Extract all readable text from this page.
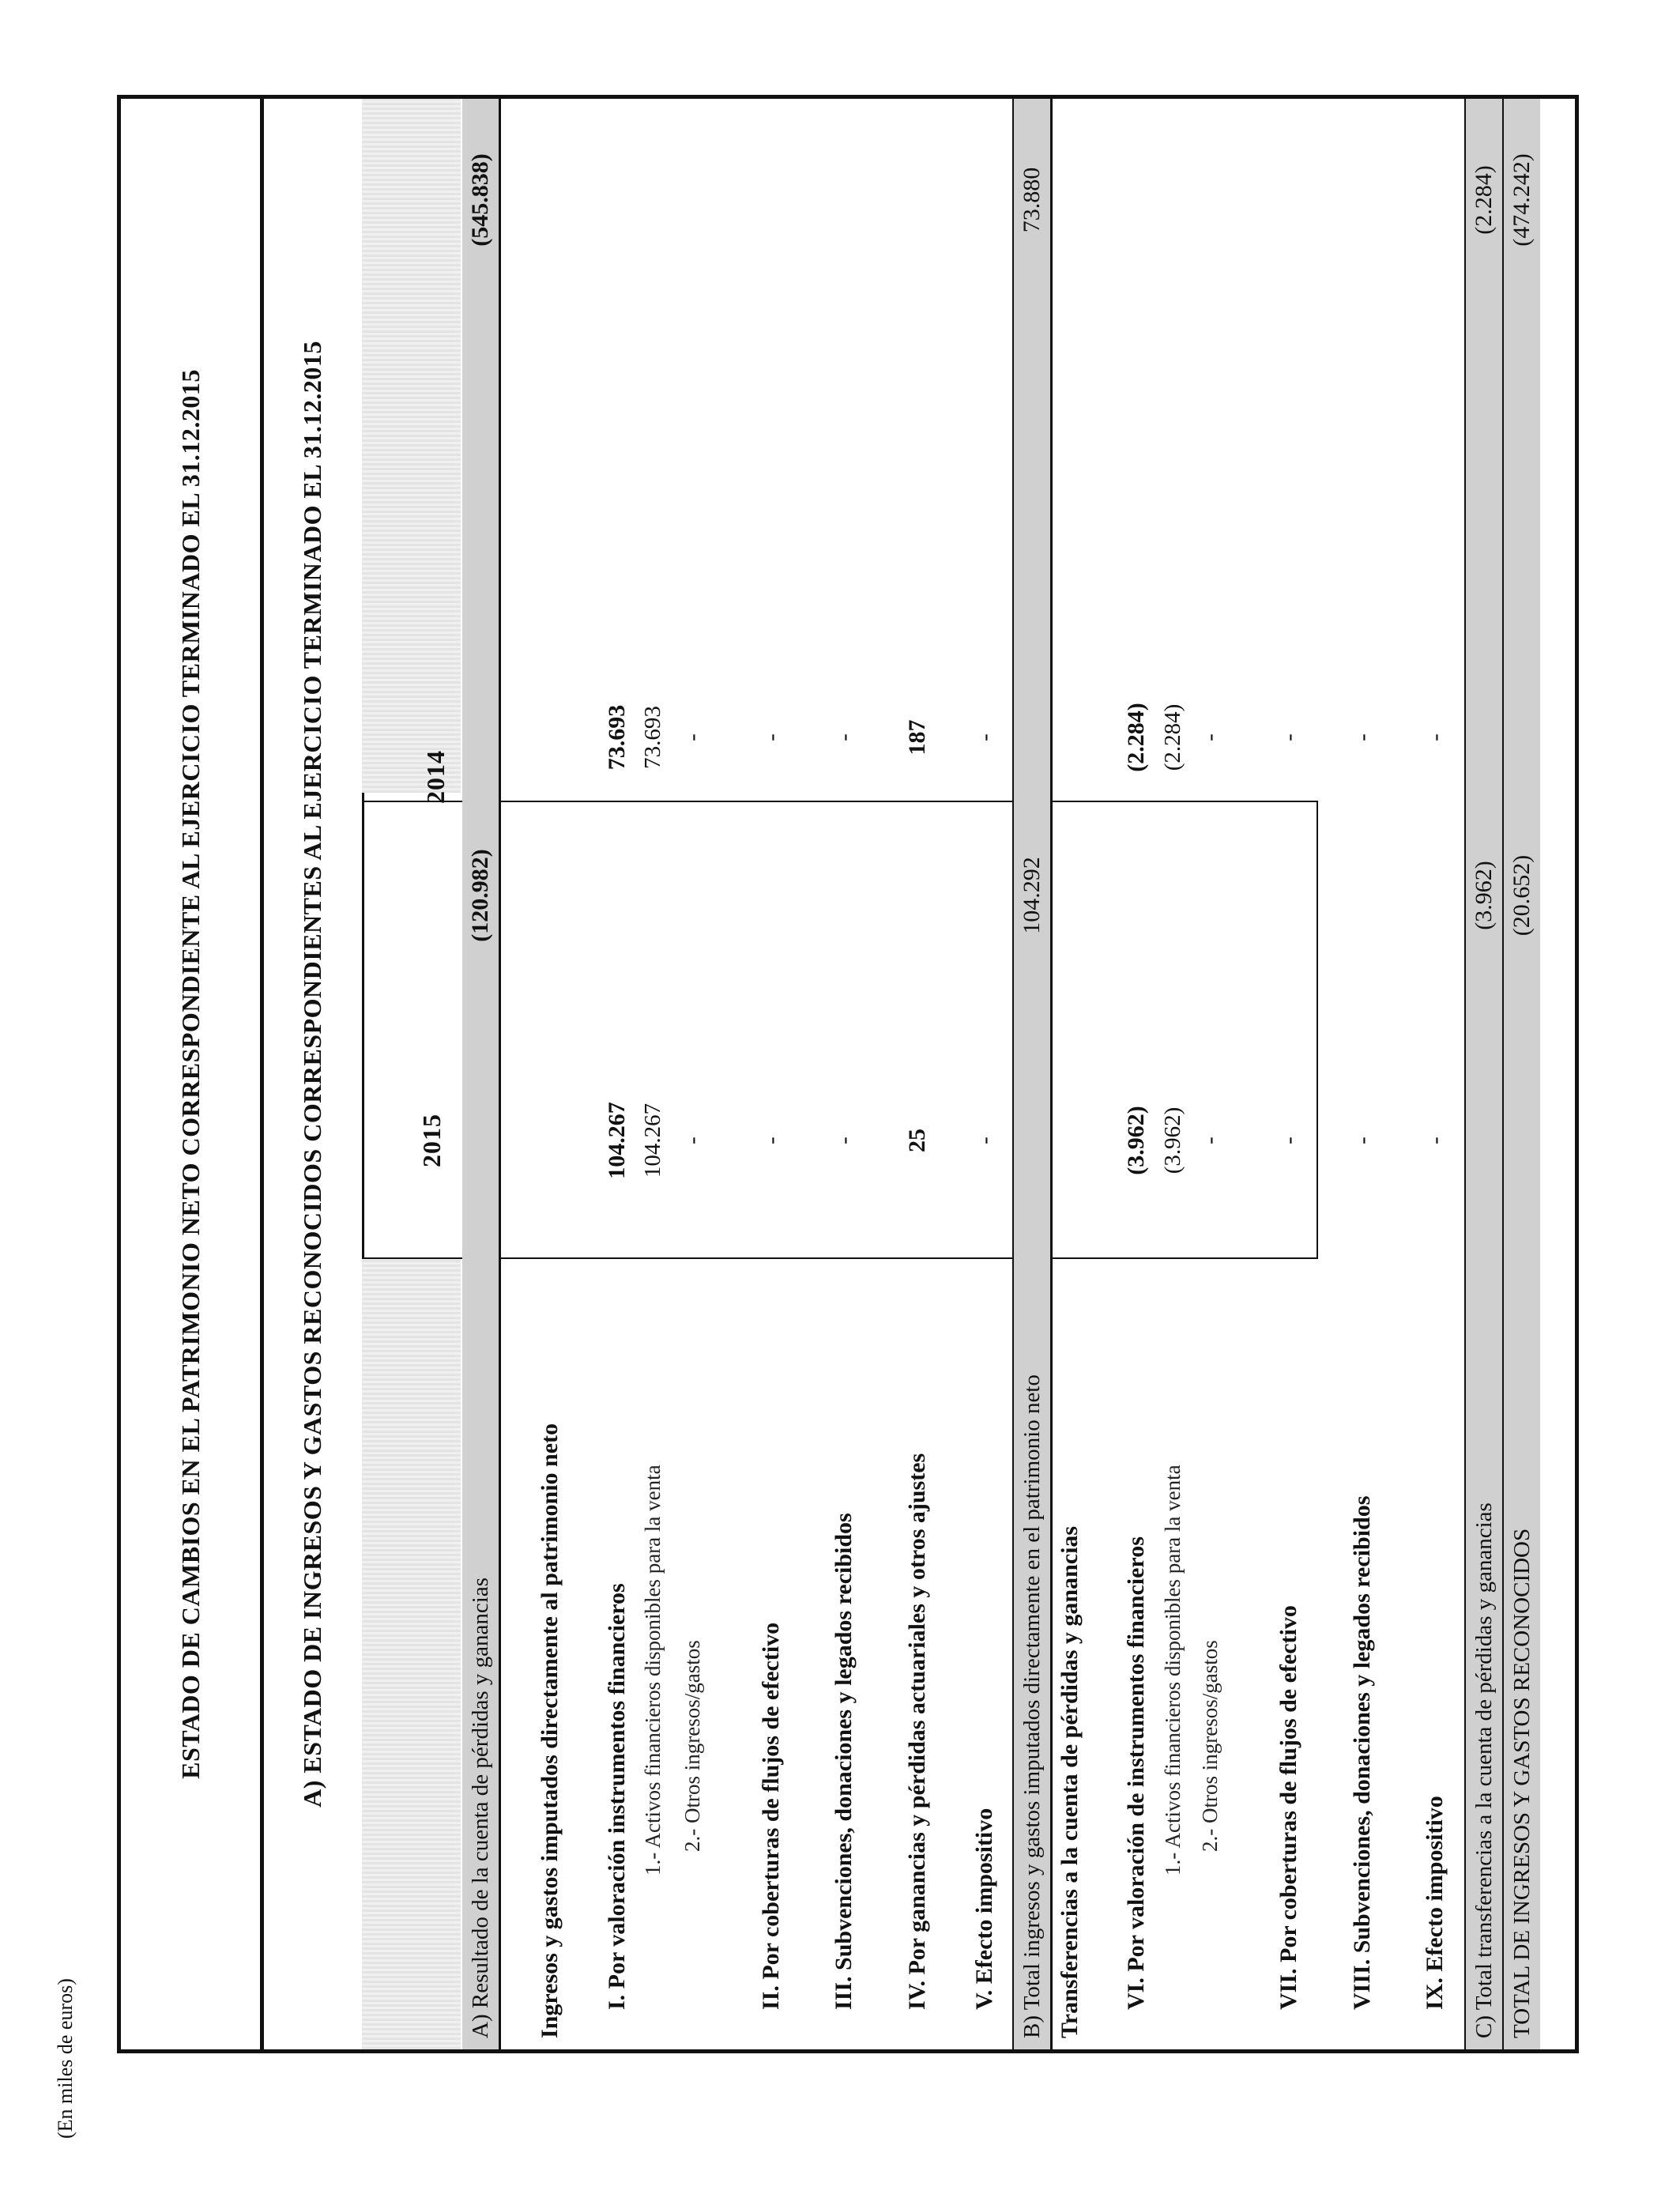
(En miles de euros)
ESTADO DE CAMBIOS EN EL PATRIMONIO NETO CORRESPONDIENTE AL EJERCICIO TERMINADO EL 31.12.2015	A) ESTADO DE INGRESOS Y GASTOS RECONOCIDOS CORRESPONDIENTES AL EJERCICIO TERMINADO EL 31.12.2015	2014
2015
A) Resultado de la cuenta de pérdidas y ganancias
(120.982)
(545.838)
Ingresos y gastos imputados directamente al patrimonio neto I. Por valoración instrumentos financieros
104.267
73.693
1.- Activos financieros disponibles para la venta
104.267
73.693
2.- Otros ingresos/gastos
-
-
II. Por coberturas de flujos de efectivo
-
-
III. Subvenciones, donaciones y legados recibidos
-
-
IV. Por ganancias y pérdidas actuariales y otros ajustes
25
187
V. Efecto impositivo
-
-
B) Total ingresos y gastos imputados directamente en el patrimonio neto
104.292
73.880
Transferencias a la cuenta de pérdidas y ganancias VI. Por valoración de instrumentos financieros
(3.962)
(2.284)
1.- Activos financieros disponibles para la venta
(3.962)
(2.284)
2.- Otros ingresos/gastos
-
-
VII. Por coberturas de flujos de efectivo
-
-
VIII. Subvenciones, donaciones y legados recibidos
-
-
IX. Efecto impositivo
-
-
C) Total transferencias a la cuenta de pérdidas y ganancias
(3.962)
(2.284)
TOTAL DE INGRESOS Y GASTOS RECONOCIDOS
(20.652)
(474.242)
